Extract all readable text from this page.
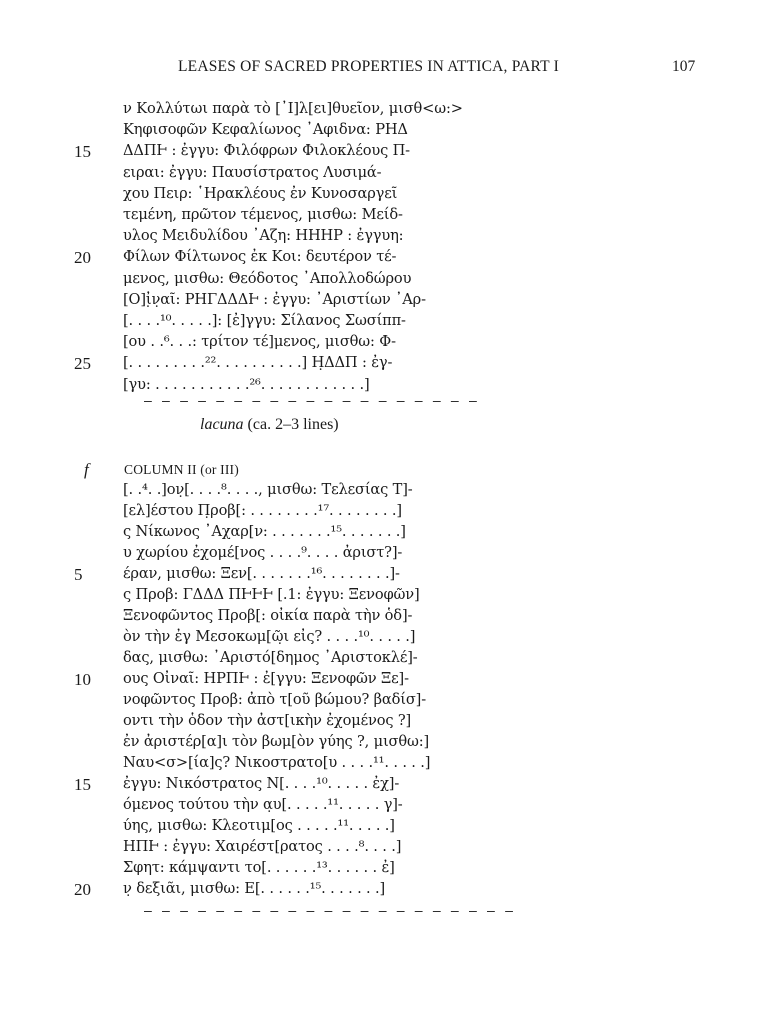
LEASES OF SACRED PROPERTIES IN ATTICA, PART I	107
ν Κολλύτωι παρὰ τὸ [᾿Ι]λ[ει]θυεῖον, μισθ<ω:>
Κηφισοφῶν Κεφαλίωνος ᾿Αφιδνα: ΡΗΔ
15	ΔΔΠͰ : ἐγγυ: Φιλόφρων Φιλοκλέους Π-
ειραι: ἐγγυ: Παυσίστρατος Λυσιμά-
χου Πειρ: ῾Ηρακλέους ἐν Κυνοσαργεῖ
τεμένη, πρῶτον τέμενος, μισθω: Μείδ-
υλος Μειδυλίδου ᾿Αζη: ΗΗΗΡ : ἐγγυη:
20	Φίλων Φίλτωνος ἐκ Κοι: δευτέρον τέ-
μενος, μισθω: Θεόδοτος ᾿Απολλοδώρου
[Ο]ἰ̣ν̣αῖ: ΡΗΓΔΔΔͰ : ἐγγυ: ᾿Αριστίων ᾿Αρ-
[. . . .¹⁰. . . . .]: [ἐ]γγυ: Σίλανος Σωσίππ-
[ου . .⁶. . .: τρίτον τέ]μενος, μισθω: Φ-
25	[. . . . . . . . .²². . . . . . . . . .] Η̣ΔΔΠ : ἐγ-
[γυ: . . . . . . . . . . .²⁶. . . . . . . . . . . .]
– – – – – – – – – – – – – – – – – – –
lacuna (ca. 2–3 lines)
f	COLUMN II (or III)
[. .⁴. .]ον̣[. . . .⁸. . . ., μισθω: Τελεσίας Τ]-
[ελ]έστου Π̣ροβ[: . . . . . . . .¹⁷. . . . . . . .]
ς Νίκωνος ᾿Αχαρ[ν: . . . . . . .¹⁵. . . . . . .]
υ χωρίου ἐχομέ[νος . . . .⁹. . . . ἀριστ?]-
5	έραν, μισθω: Ξεν[. . . . . . .¹⁶. . . . . . . .]-
ς Προβ: ΓΔΔΔ ΠͰͰͰ [.1: ἐγγυ: Ξενοφῶν]
Ξενοφῶντος Προβ[: οἰκία παρὰ τὴν ὁδ]-
ὸν τὴν ἐγ Μεσοκωμ[ῶ̣ι εἰς? . . . .¹⁰. . . . .]
δας, μισθω: ᾿Αριστό[δημος ᾿Αριστοκλέ]-
10	ους Οἰναῖ: ΗΡΠͰ : ἐ[γγυ: Ξενοφῶν Ξε]-
νοφῶντος Προβ: ἀπὸ τ[οῦ βώμου? βαδίσ]-
οντι τὴν ὁδον τὴν ἀστ[ικὴν ἐχομένος ?]
ἐν ἀριστέρ[α]ι τὸν βωμ[ὸν γύης ?, μισθω:]
Ναυ<σ>[ία]ς? Νικοστρατο[υ . . . .¹¹. . . . .]
15	ἐγγυ: Νικόστρατος Ν[. . . .¹⁰. . . . . ἐχ]-
όμενος τούτου τὴν α̣υ[. . . . .¹¹. . . . . γ]-
ύης, μισθω: Κλεοτιμ[ος . . . . .¹¹. . . . .]
ΗΠͰ : ἐγγυ: Χαιρέστ[ρατος . . . .⁸. . . .]
Σφητ: κάμψαντι το[. . . . . .¹³. . . . . . ἐ]
20	ν̣ δεξιᾶι, μισθω: Ε[. . . . . .¹⁵. . . . . . .]
– – – – – – – – – – – – – – – – – – – – –
